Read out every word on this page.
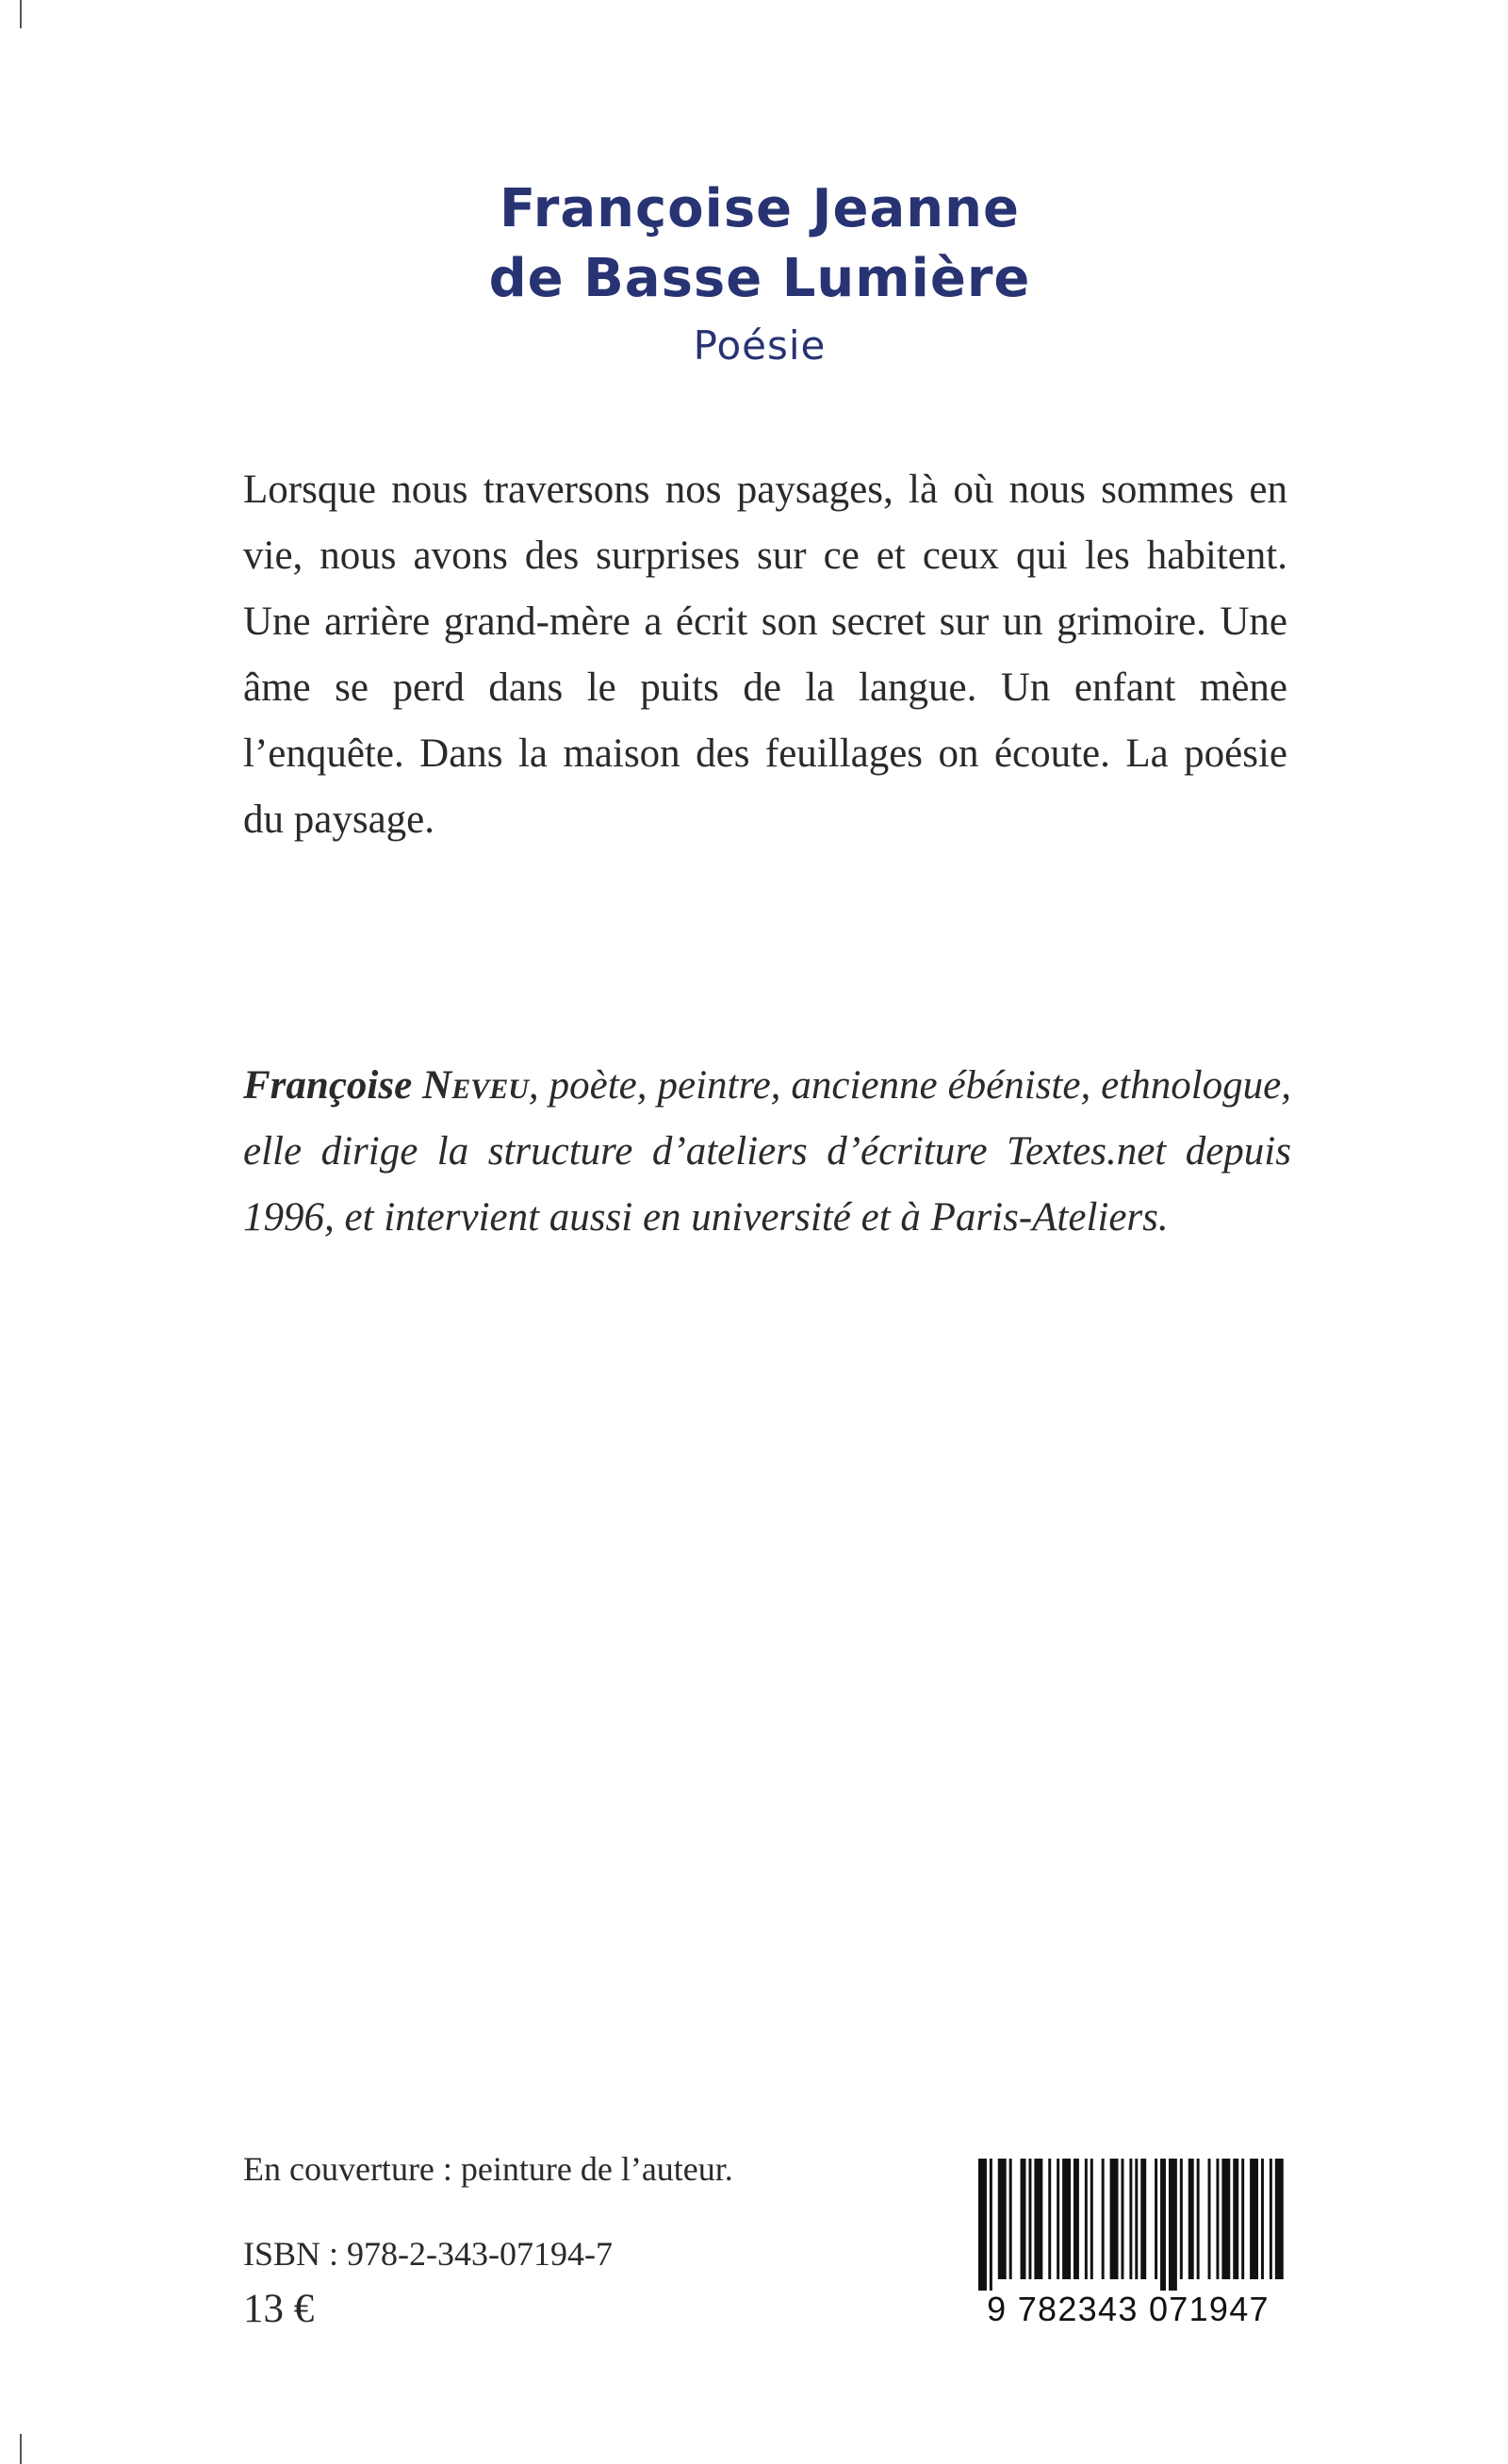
Françoise Jeanne
de Basse Lumière
Poésie

Lorsque nous traversons nos paysages, là où nous sommes en vie, nous avons des surprises sur ce et ceux qui les habitent. Une arrière grand-mère a écrit son secret sur un grimoire. Une âme se perd dans le puits de la langue. Un enfant mène l’enquête. Dans la maison des feuillages on écoute. La poésie du paysage.

Françoise Neveu, poète, peintre, ancienne ébéniste, ethnologue, elle dirige la structure d’ateliers d’écriture Textes.net depuis 1996, et intervient aussi en université et à Paris-Ateliers.

En couverture : peinture de l’auteur.
ISBN : 978-2-343-07194-7
13 €	9 782343 071947
